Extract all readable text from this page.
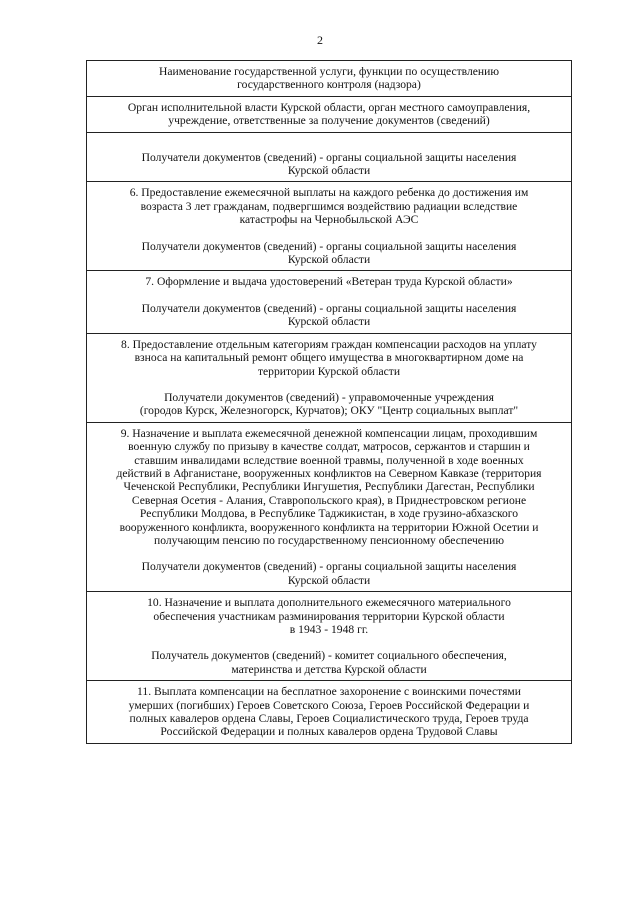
2
Наименование государственной услуги, функции по осуществлению
государственного контроля (надзора)
Орган исполнительной власти Курской области, орган местного самоуправления,
учреждение, ответственные за получение документов (сведений)
Получатели документов (сведений) - органы социальной защиты населения
Курской области
6. Предоставление ежемесячной выплаты на каждого ребенка до достижения им
возраста 3 лет гражданам, подвергшимся воздействию радиации вследствие
катастрофы на Чернобыльской АЭС
Получатели документов (сведений) - органы социальной защиты населения
Курской области
7. Оформление и выдача удостоверений «Ветеран труда Курской области»
Получатели документов (сведений) - органы социальной защиты населения
Курской области
8. Предоставление отдельным категориям граждан компенсации расходов на уплату
взноса на капитальный ремонт общего имущества в многоквартирном доме на
территории Курской области
Получатели документов (сведений) - управомоченные учреждения
(городов Курск, Железногорск, Курчатов); ОКУ "Центр социальных выплат"
9. Назначение и выплата ежемесячной денежной компенсации лицам, проходившим
военную службу по призыву в качестве солдат, матросов, сержантов и старшин и
ставшим инвалидами вследствие военной травмы, полученной в ходе военных
действий в Афганистане, вооруженных конфликтов на Северном Кавказе (территория
Чеченской Республики, Республики Ингушетия, Республики Дагестан, Республики
Северная Осетия - Алания, Ставропольского края), в Приднестровском регионе
Республики Молдова, в Республике Таджикистан, в ходе грузино-абхазского
вооруженного конфликта, вооруженного конфликта на территории Южной Осетии и
получающим пенсию по государственному пенсионному обеспечению
Получатели документов (сведений) - органы социальной защиты населения
Курской области
10. Назначение и выплата дополнительного ежемесячного материального
обеспечения участникам разминирования территории Курской области
в 1943 - 1948 гг.
Получатель документов (сведений) - комитет социального обеспечения,
материнства и детства Курской области
11. Выплата компенсации на бесплатное захоронение с воинскими почестями
умерших (погибших) Героев Советского Союза, Героев Российской Федерации и
полных кавалеров ордена Славы, Героев Социалистического труда, Героев труда
Российской Федерации и полных кавалеров ордена Трудовой Славы
